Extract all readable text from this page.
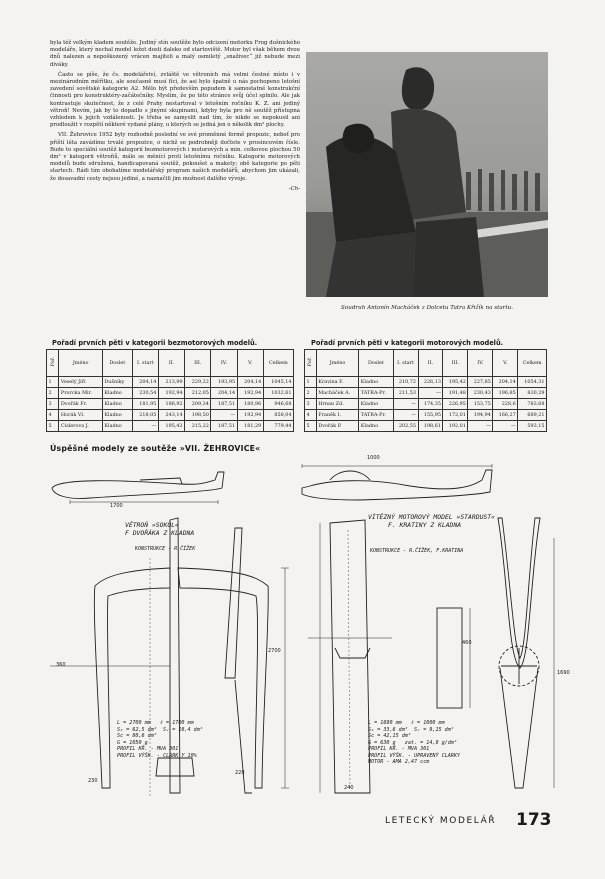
byla též velkým kladem soutěže. Jediný stín soutěže bylo odcizení motorku Frog dušnického modeláře, který nechal model ležet dosti daleko od startoviště. Motor byl však během dvou dnů nalezen a nepoškozený vrácen majiteli a malý osmiletý „snaživec“ již nebude mezi diváky.

Často se píše, že čs. modelářství, zvláště ve větroních má velmi čestné místo i v mezinárodním měřítku, ale současně musí fíci, že asi bylo špatně u nás pochopeno letošní zavedení sovětské kategorie A2. Mělo být především popudem k samostatné konstrukční činnosti pro konstruktéry-začátečníky. Myslím, že po této stránce svůj účel splnilo. Ale jak kontrastuje skutečnost, že z celé Prahy nestartoval v letošním ročníku K. Z. ani jediný větroň! Nevím, jak by to dopadlo s jinými skupinami, kdyby byla pro ně soutěž přístupna vzhledem k jejich vzdálenosti. Je třeba se zamyslit nad tím, že nikdo se nepokusil ani prodloužit v rozpětí některé vydané plány, u kterých se jedná jen o několik dm² plochy.

VII. Žehrovice 1952 byly rozhodně poslední ve své proměnné formě propozic, neboť pro příští léta zavádíme trvalé propozice, o nichž se podrobněji dočtete v prosincovém čísle. Bude to speciální soutěž kategorií bezmotorových i motorových a min. celkovou plochou 50 dm² v kategorii větroňů, málo se měnící proti letošnímu ročníku. Kategorie motorových modelů bude sdružená, handicapovaná soutěž, pokoušet a makety; obě kategorie po pěti startech. Rádi tím obohatíme modelářský program našich modelářů, abychom jim ukázali, že dosavadní cesty nejsou jediné, a naznačili jim možnost dalšího vývoje.

-Ch-
Soudruh Antonín Macháček z Dolcetu Tatra Křižík na startu.
Pořadí prvních pěti v kategorii bezmotorových modelů.
Poř.	Jméno	Doslet	I. start	II.	III.	IV.	V.	Celkem
1	Veselý Jiří	Dušníky	204,14	213,99	229,22	193,95	204,14	1045,14
2	Prorcka Mir.	Kladno	230,54	192,94	212,05	204,14	192,94	1032,61
3	Dvořák Fr.	Kladno	181,95	186,92	209,34	187,51	180,96	946,68
4	Horák Vl.	Kladno	218,05	243,14	198,50	—	192,94	858,04
5	Císlerova J.	Kladno	—	195,42	215,22	187,51	181,29	779,44
Pořadí prvních pěti v kategorii motorových modelů.
Poř.	Jméno	Doslet	I. start	II.	III.	IV.	V.	Celkem
1	Kravina F.	Kladno	210,72	226,13	195,42	227,85	204,14	1054,31
2	Macháček A.	TATRA-Pr.	211,53	—	191,48	230,43	196,85	830,29
3	Hrnan Zd.	Kladno	—	174,35	226,95	153,75	228,6	783,68
4	Franěk I.	TATRA-Pr.	—	155,95	172,01	194,94	166,27	689,21
5	Dvořák P.	Kladno	202,55	198,61	192,01	—	—	593,15
Úspěšné modely ze soutěže »VII. ŽEHROVICE«
1700
2700
360
220
230
1000
460
1690
240
VĚTROŇ »SOKOL«
F DVOŘÁKA Z KLADNA
KONSTRUKCE - R.ČÍŽEK
L = 2700 mm   ℓ = 1700 mm
Sₖ = 62,5 dm²  Sᵥ = 18,4 dm²
Sc = 80,6 dm²
G = 1050 g
PROFIL KŘ. - MVA 301
PROFIL VÝŠK. - CLARK Y 10%
VÍTĚZNÝ MOTOROVÝ MODEL »STARDUST«
F. KRATINY Z KLADNA
KONSTRUKCE - R.ČÍŽEK, F.KRATINA
L = 1690 mm   ℓ = 1000 mm
Sₖ = 33,6 dm²  Sᵥ = 9,15 dm²
Sc = 42,15 dm²
G = 630 g   zat. = 14,9 g/dm²
PROFIL KŘ. - MVA 301
PROFIL VÝŠK. - UPRAVENÝ CLARKY
MOTOR - AMA 2,47 ccm
LETECKÝ MODELÁŘ 173
